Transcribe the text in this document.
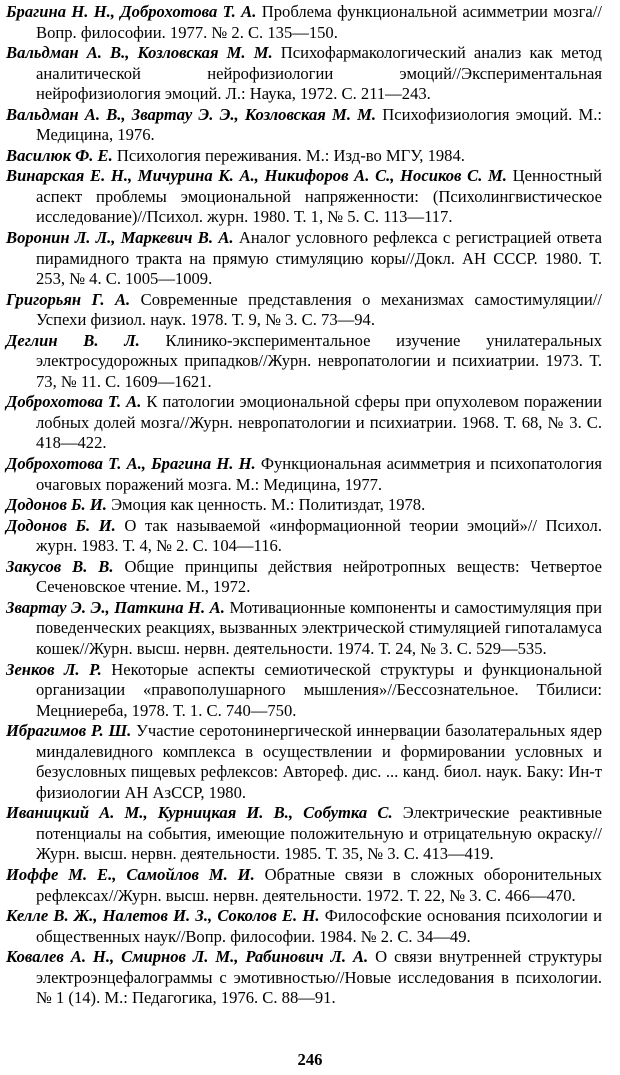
Брагина Н. Н., Доброхотова Т. А. Проблема функциональной асимметрии мозга//Вопр. философии. 1977. № 2. С. 135—150.

Вальдман А. В., Козловская М. М. Психофармакологический анализ как метод аналитической нейрофизиологии эмоций//Экспериментальная нейрофизиология эмоций. Л.: Наука, 1972. С. 211—243.

Вальдман А. В., Звартау Э. Э., Козловская М. М. Психофизиология эмоций. М.: Медицина, 1976.

Василюк Ф. Е. Психология переживания. М.: Изд-во МГУ, 1984.

Винарская Е. Н., Мичурина К. А., Никифоров А. С., Носиков С. М. Ценностный аспект проблемы эмоциональной напряженности: (Психолингвистическое исследование)//Психол. журн. 1980. Т. 1, № 5. С. 113—117.

Воронин Л. Л., Маркевич В. А. Аналог условного рефлекса с регистрацией ответа пирамидного тракта на прямую стимуляцию коры//Докл. АН СССР. 1980. Т. 253, № 4. С. 1005—1009.

Григорьян Г. А. Современные представления о механизмах самостимуляции//Успехи физиол. наук. 1978. Т. 9, № 3. С. 73—94.

Деглин В. Л. Клинико-экспериментальное изучение унилатеральных электросудорожных припадков//Журн. невропатологии и психиатрии. 1973. Т. 73, № 11. С. 1609—1621.

Доброхотова Т. А. К патологии эмоциональной сферы при опухолевом поражении лобных долей мозга//Журн. невропатологии и психиатрии. 1968. Т. 68, № 3. С. 418—422.

Доброхотова Т. А., Брагина Н. Н. Функциональная асимметрия и психопатология очаговых поражений мозга. М.: Медицина, 1977.

Додонов Б. И. Эмоция как ценность. М.: Политиздат, 1978.

Додонов Б. И. О так называемой «информационной теории эмоций»// Психол. журн. 1983. Т. 4, № 2. С. 104—116.

Закусов В. В. Общие принципы действия нейротропных веществ: Четвертое Сеченовское чтение. М., 1972.

Звартау Э. Э., Паткина Н. А. Мотивационные компоненты и самостимуляция при поведенческих реакциях, вызванных электрической стимуляцией гипоталамуса кошек//Журн. высш. нервн. деятельности. 1974. Т. 24, № 3. С. 529—535.

Зенков Л. Р. Некоторые аспекты семиотической структуры и функциональной организации «правополушарного мышления»//Бессознательное. Тбилиси: Мецниереба, 1978. Т. 1. С. 740—750.

Ибрагимов Р. Ш. Участие серотонинергической иннервации базолатеральных ядер миндалевидного комплекса в осуществлении и формировании условных и безусловных пищевых рефлексов: Автореф. дис. ... канд. биол. наук. Баку: Ин-т физиологии АН АзССР, 1980.

Иваницкий А. М., Курницкая И. В., Собутка С. Электрические реактивные потенциалы на события, имеющие положительную и отрицательную окраску//Журн. высш. нервн. деятельности. 1985. Т. 35, № 3. С. 413—419.

Иоффе М. Е., Самойлов М. И. Обратные связи в сложных оборонительных рефлексах//Журн. высш. нервн. деятельности. 1972. Т. 22, № 3. С. 466—470.

Келле В. Ж., Налетов И. З., Соколов Е. Н. Философские основания психологии и общественных наук//Вопр. философии. 1984. № 2. С. 34—49.

Ковалев А. Н., Смирнов Л. М., Рабинович Л. А. О связи внутренней структуры электроэнцефалограммы с эмотивностью//Новые исследования в психологии. № 1 (14). М.: Педагогика, 1976. С. 88—91.

246
